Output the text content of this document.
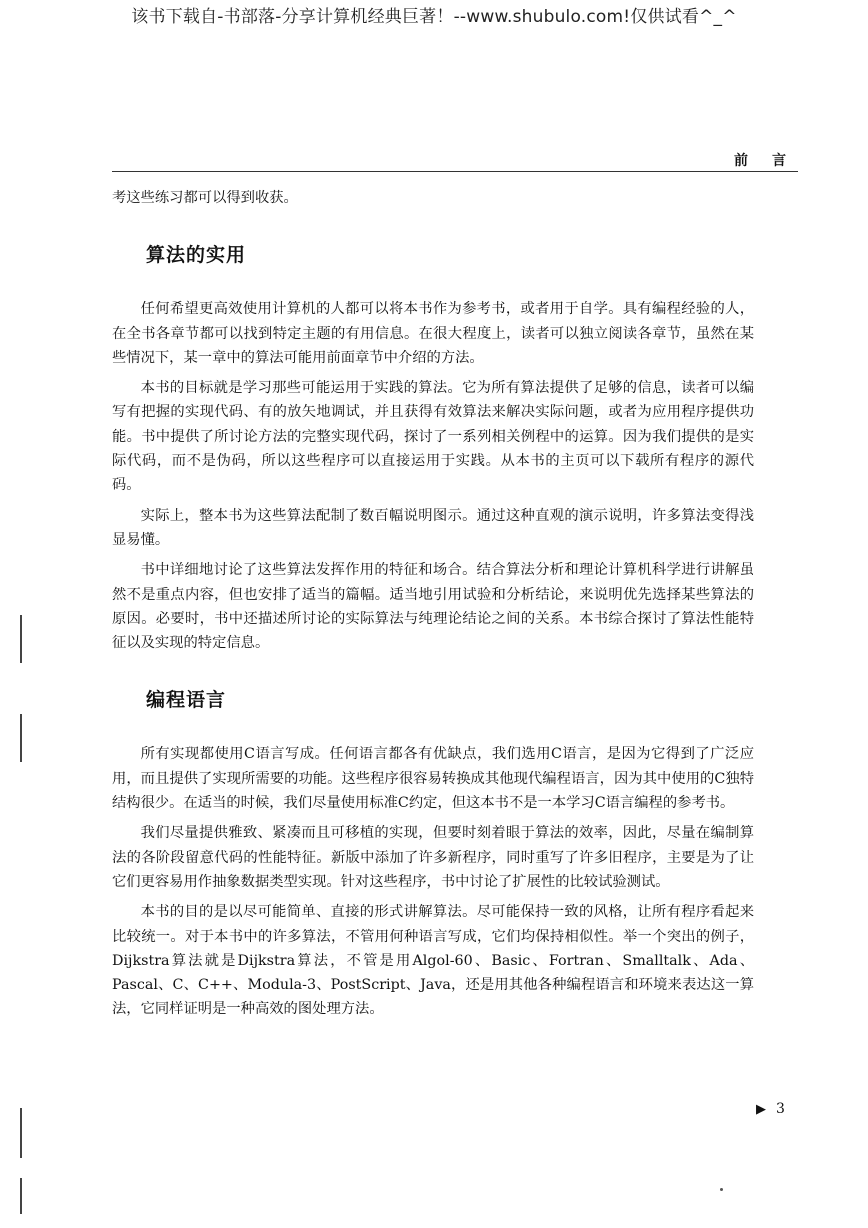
该书下载自-书部落-分享计算机经典巨著！--www.shubulo.com!仅供试看^_^
前言

考这些练习都可以得到收获。

算法的实用

任何希望更高效使用计算机的人都可以将本书作为参考书，或者用于自学。具有编程经验的人，在全书各章节都可以找到特定主题的有用信息。在很大程度上，读者可以独立阅读各章节，虽然在某些情况下，某一章中的算法可能用前面章节中介绍的方法。

本书的目标就是学习那些可能运用于实践的算法。它为所有算法提供了足够的信息，读者可以编写有把握的实现代码、有的放矢地调试，并且获得有效算法来解决实际问题，或者为应用程序提供功能。书中提供了所讨论方法的完整实现代码，探讨了一系列相关例程中的运算。因为我们提供的是实际代码，而不是伪码，所以这些程序可以直接运用于实践。从本书的主页可以下载所有程序的源代码。

实际上，整本书为这些算法配制了数百幅说明图示。通过这种直观的演示说明，许多算法变得浅显易懂。

书中详细地讨论了这些算法发挥作用的特征和场合。结合算法分析和理论计算机科学进行讲解虽然不是重点内容，但也安排了适当的篇幅。适当地引用试验和分析结论，来说明优先选择某些算法的原因。必要时，书中还描述所讨论的实际算法与纯理论结论之间的关系。本书综合探讨了算法性能特征以及实现的特定信息。

编程语言

所有实现都使用C语言写成。任何语言都各有优缺点，我们选用C语言，是因为它得到了广泛应用，而且提供了实现所需要的功能。这些程序很容易转换成其他现代编程语言，因为其中使用的C独特结构很少。在适当的时候，我们尽量使用标准C约定，但这本书不是一本学习C语言编程的参考书。

我们尽量提供雅致、紧凑而且可移植的实现，但要时刻着眼于算法的效率，因此，尽量在编制算法的各阶段留意代码的性能特征。新版中添加了许多新程序，同时重写了许多旧程序，主要是为了让它们更容易用作抽象数据类型实现。针对这些程序，书中讨论了扩展性的比较试验测试。

本书的目的是以尽可能简单、直接的形式讲解算法。尽可能保持一致的风格，让所有程序看起来比较统一。对于本书中的许多算法，不管用何种语言写成，它们均保持相似性。举一个突出的例子，Dijkstra算法就是Dijkstra算法，不管是用Algol-60、Basic、Fortran、Smalltalk、Ada、Pascal、C、C++、Modula-3、PostScript、Java，还是用其他各种编程语言和环境来表达这一算法，它同样证明是一种高效的图处理方法。

▶ 3
